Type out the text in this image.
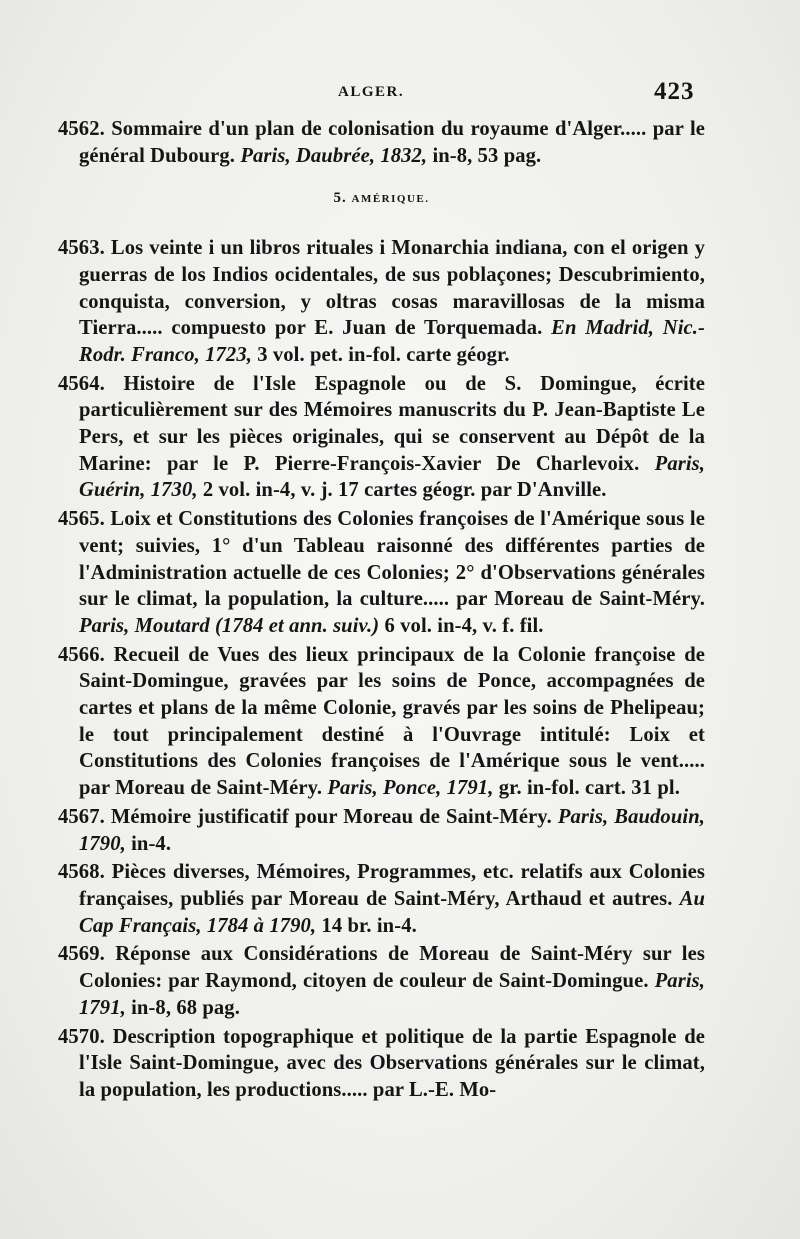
ALGER.	423

4562. Sommaire d'un plan de colonisation du royaume d'Alger..... par le général Dubourg. Paris, Daubrée, 1832, in-8, 53 pag.

5. AMÉRIQUE.

4563. Los veinte i un libros rituales i Monarchia indiana, con el origen y guerras de los Indios ocidentales, de sus poblaçones; Descubrimiento, conquista, conversion, y oltras cosas maravillosas de la misma Tierra..... compuesto por E. Juan de Torquemada. En Madrid, Nic.-Rodr. Franco, 1723, 3 vol. pet. in-fol. carte géogr.

4564. Histoire de l'Isle Espagnole ou de S. Domingue, écrite particulièrement sur des Mémoires manuscrits du P. Jean-Baptiste Le Pers, et sur les pièces originales, qui se conservent au Dépôt de la Marine: par le P. Pierre-François-Xavier De Charlevoix. Paris, Guérin, 1730, 2 vol. in-4, v. j. 17 cartes géogr. par D'Anville.

4565. Loix et Constitutions des Colonies françoises de l'Amérique sous le vent; suivies, 1° d'un Tableau raisonné des différentes parties de l'Administration actuelle de ces Colonies; 2° d'Observations générales sur le climat, la population, la culture..... par Moreau de Saint-Méry. Paris, Moutard (1784 et ann. suiv.) 6 vol. in-4, v. f. fil.

4566. Recueil de Vues des lieux principaux de la Colonie françoise de Saint-Domingue, gravées par les soins de Ponce, accompagnées de cartes et plans de la même Colonie, gravés par les soins de Phelipeau; le tout principalement destiné à l'Ouvrage intitulé: Loix et Constitutions des Colonies françoises de l'Amérique sous le vent..... par Moreau de Saint-Méry. Paris, Ponce, 1791, gr. in-fol. cart. 31 pl.

4567. Mémoire justificatif pour Moreau de Saint-Méry. Paris, Baudouin, 1790, in-4.

4568. Pièces diverses, Mémoires, Programmes, etc. relatifs aux Colonies françaises, publiés par Moreau de Saint-Méry, Arthaud et autres. Au Cap Français, 1784 à 1790, 14 br. in-4.

4569. Réponse aux Considérations de Moreau de Saint-Méry sur les Colonies: par Raymond, citoyen de couleur de Saint-Domingue. Paris, 1791, in-8, 68 pag.

4570. Description topographique et politique de la partie Espagnole de l'Isle Saint-Domingue, avec des Observations générales sur le climat, la population, les productions..... par L.-E. Mo-
